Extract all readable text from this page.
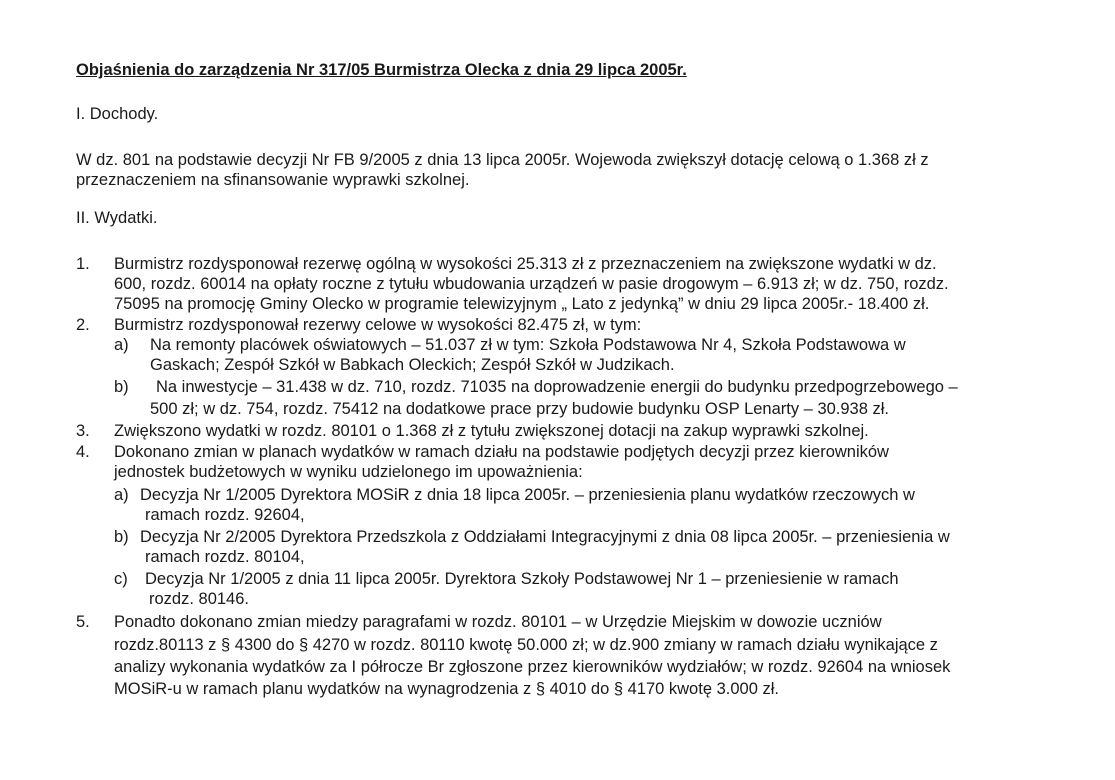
Objaśnienia do zarządzenia Nr 317/05 Burmistrza Olecka z dnia 29 lipca 2005r.
I. Dochody.
W dz. 801 na podstawie decyzji Nr FB 9/2005 z dnia 13 lipca 2005r. Wojewoda zwiększył dotację celową o 1.368 zł z
przeznaczeniem na sfinansowanie wyprawki szkolnej.
II. Wydatki.
1. Burmistrz rozdysponował rezerwę ogólną w wysokości 25.313 zł z przeznaczeniem na zwiększone wydatki w dz.
600, rozdz. 60014 na opłaty roczne z tytułu wbudowania urządzeń w pasie drogowym – 6.913 zł; w dz. 750, rozdz.
75095 na promocję Gminy Olecko w programie telewizyjnym „ Lato z jedynką” w dniu 29 lipca 2005r.- 18.400 zł.
2. Burmistrz rozdysponował rezerwy celowe w wysokości 82.475 zł, w tym:
a) Na remonty placówek oświatowych – 51.037 zł w tym: Szkoła Podstawowa Nr 4, Szkoła Podstawowa w
Gaskach; Zespół Szkół w Babkach Oleckich; Zespół Szkół w Judzikach.
b) Na inwestycje – 31.438 w dz. 710, rozdz. 71035 na doprowadzenie energii do budynku przedpogrzebowego –
500 zł; w dz. 754, rozdz. 75412 na dodatkowe prace przy budowie budynku OSP Lenarty – 30.938 zł.
3. Zwiększono wydatki w rozdz. 80101 o 1.368 zł z tytułu zwiększonej dotacji na zakup wyprawki szkolnej.
4. Dokonano zmian w planach wydatków w ramach działu na podstawie podjętych decyzji przez kierowników
jednostek budżetowych w wyniku udzielonego im upoważnienia:
a) Decyzja Nr 1/2005 Dyrektora MOSiR z dnia 18 lipca 2005r. – przeniesienia planu wydatków rzeczowych w
ramach rozdz. 92604,
b) Decyzja Nr 2/2005 Dyrektora Przedszkola z Oddziałami Integracyjnymi z dnia 08 lipca 2005r. – przeniesienia w
ramach rozdz. 80104,
c) Decyzja Nr 1/2005 z dnia 11 lipca 2005r. Dyrektora Szkoły Podstawowej Nr 1 – przeniesienie w ramach
rozdz. 80146.
5. Ponadto dokonano zmian miedzy paragrafami w rozdz. 80101 – w Urzędzie Miejskim w dowozie uczniów
rozdz.80113 z § 4300 do § 4270 w rozdz. 80110 kwotę 50.000 zł; w dz.900 zmiany w ramach działu wynikające z
analizy wykonania wydatków za I półrocze Br zgłoszone przez kierowników wydziałów; w rozdz. 92604 na wniosek
MOSiR-u w ramach planu wydatków na wynagrodzenia z § 4010 do § 4170 kwotę 3.000 zł.
